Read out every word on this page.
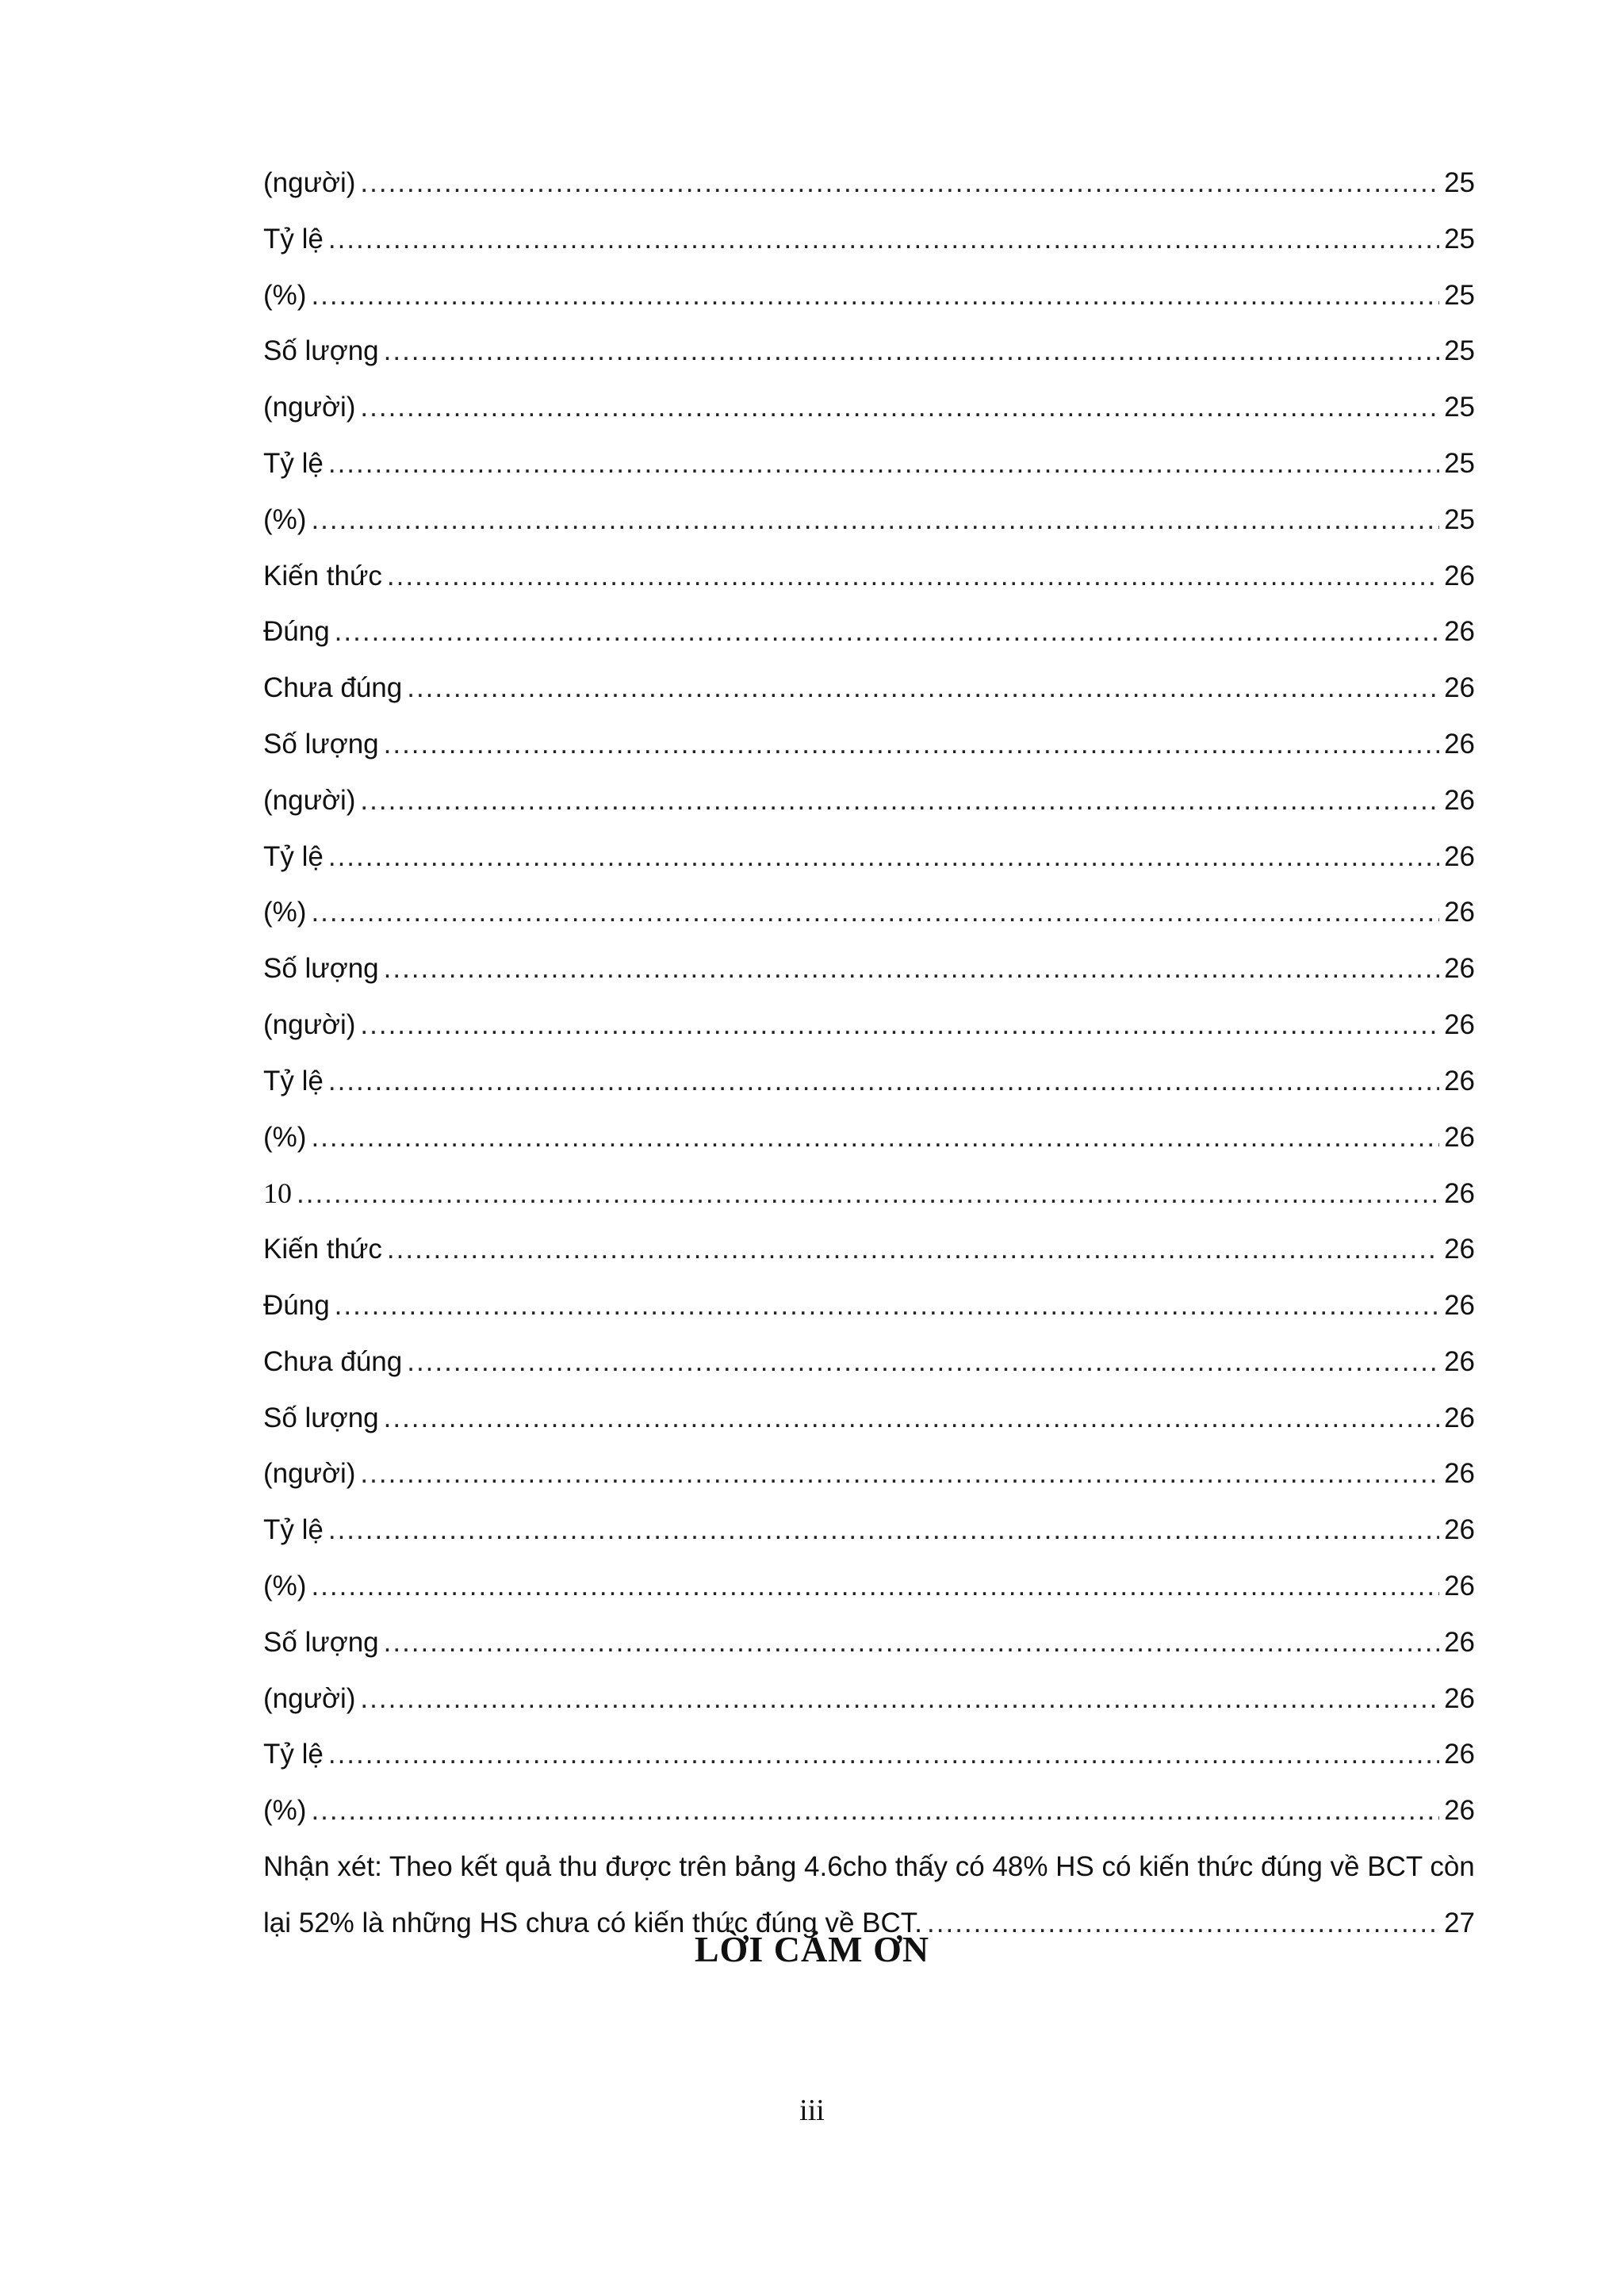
(người) .....	25
Tỷ lệ .....	25
(%) .....	25
Số lượng .....	25
(người) .....	25
Tỷ lệ .....	25
(%) .....	25
Kiến thức .....	26
Đúng .....	26
Chưa đúng .....	26
Số lượng .....	26
(người) .....	26
Tỷ lệ .....	26
(%) .....	26
Số lượng .....	26
(người) .....	26
Tỷ lệ .....	26
(%) .....	26
10 .....	26
Kiến thức .....	26
Đúng .....	26
Chưa đúng .....	26
Số lượng .....	26
(người) .....	26
Tỷ lệ .....	26
(%) .....	26
Số lượng .....	26
(người) .....	26
Tỷ lệ .....	26
(%) .....	26
Nhận xét: Theo kết quả thu được trên bảng 4.6cho thấy có 48% HS có kiến thức đúng về BCT còn
lại 52% là những HS chưa có kiến thức đúng về BCT. .....	27
LỜI CẢM ƠN
iii
